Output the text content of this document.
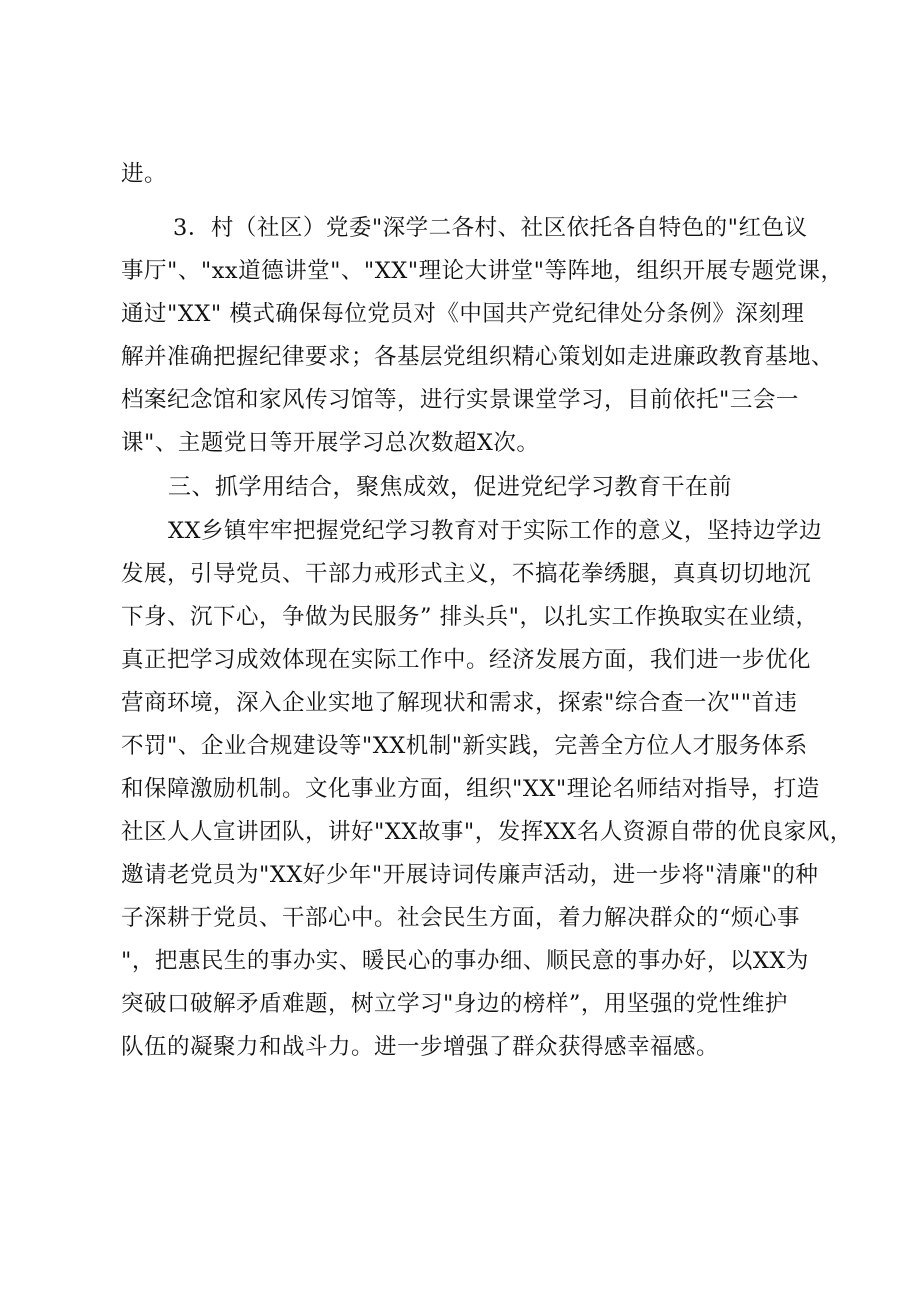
进。
3．村（社区）党委"深学二各村、社区依托各自特色的"红色议
事厅"、"xx道德讲堂"、"XX"理论大讲堂"等阵地，组织开展专题党课，
通过"XX" 模式确保每位党员对《中国共产党纪律处分条例》深刻理
解并准确把握纪律要求；各基层党组织精心策划如走进廉政教育基地、
档案纪念馆和家风传习馆等，进行实景课堂学习，目前依托"三会一
课"、主题党日等开展学习总次数超X次。
三、抓学用结合，聚焦成效，促进党纪学习教育干在前
XX乡镇牢牢把握党纪学习教育对于实际工作的意义，坚持边学边
发展，引导党员、干部力戒形式主义，不搞花拳绣腿，真真切切地沉
下身、沉下心，争做为民服务” 排头兵"，以扎实工作换取实在业绩，
真正把学习成效体现在实际工作中。经济发展方面，我们进一步优化
营商环境，深入企业实地了解现状和需求，探索"综合查一次""首违
不罚"、企业合规建设等"XX机制"新实践，完善全方位人才服务体系
和保障激励机制。文化事业方面，组织"XX"理论名师结对指导，打造
社区人人宣讲团队，讲好"XX故事"，发挥XX名人资源自带的优良家风，
邀请老党员为"XX好少年"开展诗词传廉声活动，进一步将"清廉"的种
子深耕于党员、干部心中。社会民生方面，着力解决群众的“烦心事
"，把惠民生的事办实、暖民心的事办细、顺民意的事办好，以XX为
突破口破解矛盾难题，树立学习"身边的榜样”，用坚强的党性维护
队伍的凝聚力和战斗力。进一步增强了群众获得感幸福感。
